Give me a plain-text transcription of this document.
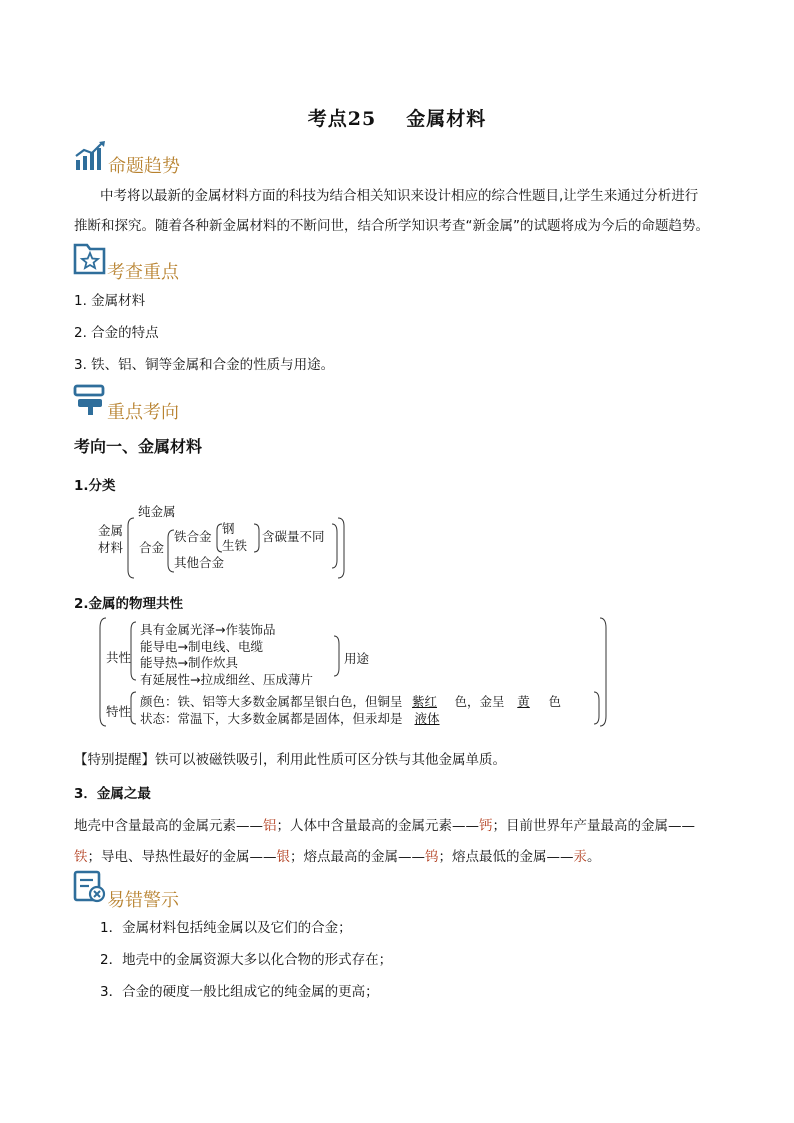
考点25 金属材料
命题趋势
中考将以最新的金属材料方面的科技为结合相关知识来设计相应的综合性题目,让学生来通过分析进行
推断和探究。随着各种新金属材料的不断问世，结合所学知识考查“新金属”的试题将成为今后的命题趋势。
考查重点
1. 金属材料
2. 合金的特点
3. 铁、铝、铜等金属和合金的性质与用途。
重点考向
考向一、金属材料
1.分类
纯金属
金属
材料 合金
铁合金
钢
生铁
含碳量不同
其他合金
2.金属的物理共性
共性
特性
具有金属光泽→作装饰品
能导电→制电线、电缆
能导热→制作炊具
有延展性→拉成细丝、压成薄片
用途
颜色：铁、铝等大多数金属都呈银白色，但铜呈 紫红 色，金呈 黄 色
状态：常温下，大多数金属都是固体，但汞却是 液体
【特别提醒】铁可以被磁铁吸引，利用此性质可区分铁与其他金属单质。
3．金属之最
地壳中含量最高的金属元素——铝；人体中含量最高的金属元素——钙；目前世界年产量最高的金属——
铁；导电、导热性最好的金属——银；熔点最高的金属——钨；熔点最低的金属——汞。
易错警示
1．金属材料包括纯金属以及它们的合金；
2．地壳中的金属资源大多以化合物的形式存在；
3．合金的硬度一般比组成它的纯金属的更高；
